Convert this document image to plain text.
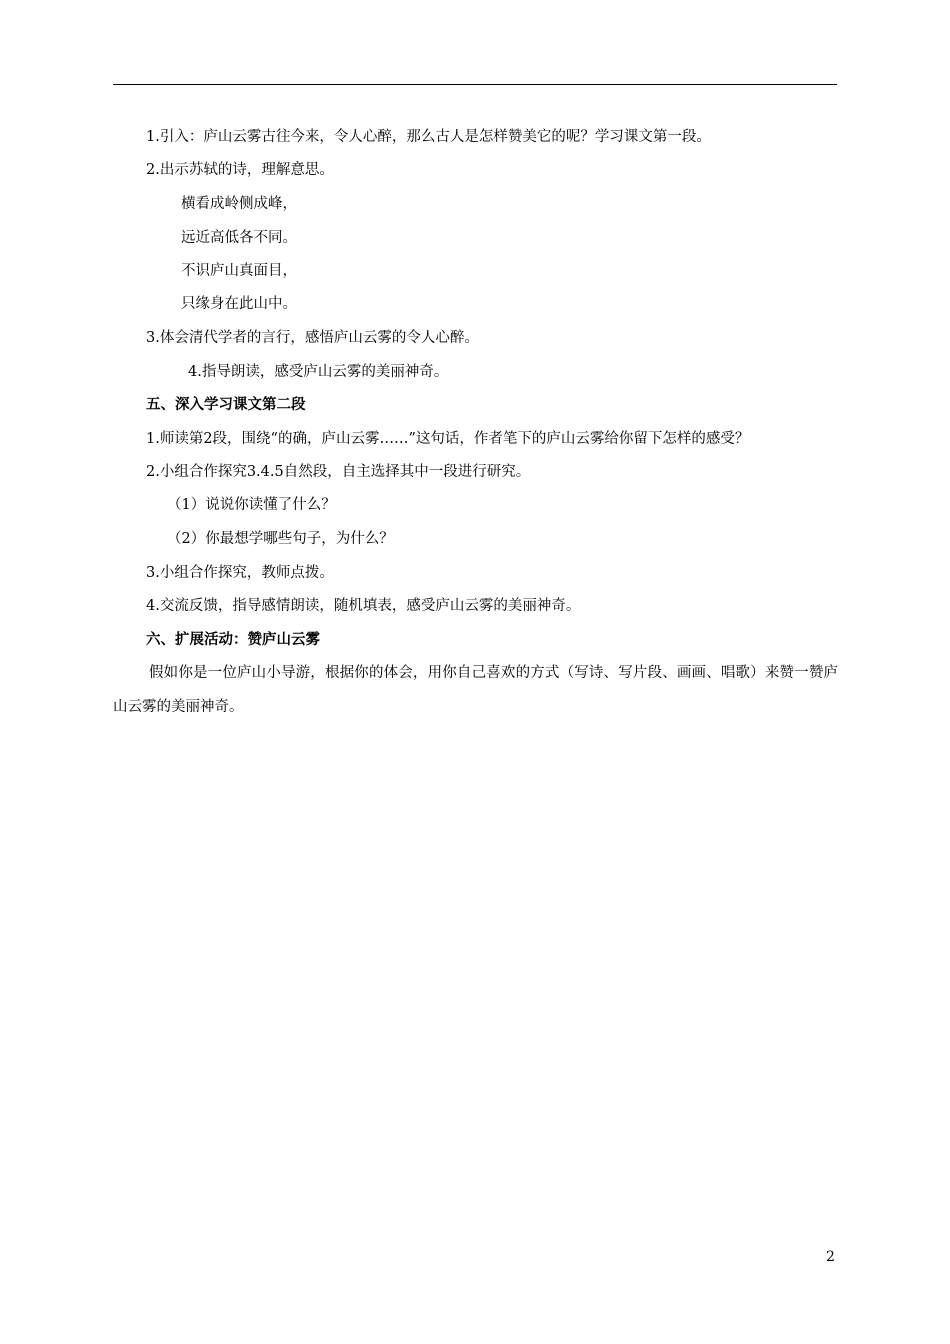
1.引入：庐山云雾古往今来，令人心醉，那么古人是怎样赞美它的呢？学习课文第一段。
2.出示苏轼的诗，理解意思。
横看成岭侧成峰，
远近高低各不同。
不识庐山真面目，
只缘身在此山中。
3.体会清代学者的言行，感悟庐山云雾的令人心醉。
4.指导朗读，感受庐山云雾的美丽神奇。
五、深入学习课文第二段
1.师读第2段，围绕“的确，庐山云雾……”这句话，作者笔下的庐山云雾给你留下怎样的感受？
2.小组合作探究3.4.5自然段，自主选择其中一段进行研究。
（1）说说你读懂了什么？
（2）你最想学哪些句子，为什么？
3.小组合作探究，教师点拨。
4.交流反馈，指导感情朗读，随机填表，感受庐山云雾的美丽神奇。
六、扩展活动：赞庐山云雾
假如你是一位庐山小导游，根据你的体会，用你自己喜欢的方式（写诗、写片段、画画、唱歌）来赞一赞庐山云雾的美丽神奇。
2
